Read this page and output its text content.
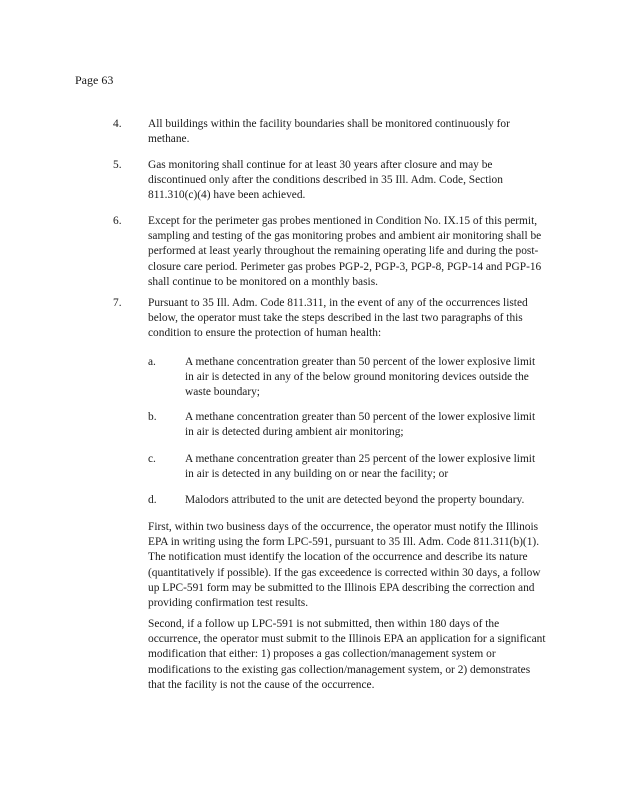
Page 63
4. All buildings within the facility boundaries shall be monitored continuously for methane.
5. Gas monitoring shall continue for at least 30 years after closure and may be discontinued only after the conditions described in 35 Ill. Adm. Code, Section 811.310(c)(4) have been achieved.
6. Except for the perimeter gas probes mentioned in Condition No. IX.15 of this permit, sampling and testing of the gas monitoring probes and ambient air monitoring shall be performed at least yearly throughout the remaining operating life and during the post-closure care period. Perimeter gas probes PGP-2, PGP-3, PGP-8, PGP-14 and PGP-16 shall continue to be monitored on a monthly basis.
7. Pursuant to 35 Ill. Adm. Code 811.311, in the event of any of the occurrences listed below, the operator must take the steps described in the last two paragraphs of this condition to ensure the protection of human health:
a.	A methane concentration greater than 50 percent of the lower explosive limit in air is detected in any of the below ground monitoring devices outside the waste boundary;
b. A methane concentration greater than 50 percent of the lower explosive limit in air is detected during ambient air monitoring;
c.	A methane concentration greater than 25 percent of the lower explosive limit in air is detected in any building on or near the facility; or
d. Malodors attributed to the unit are detected beyond the property boundary.
First, within two business days of the occurrence, the operator must notify the Illinois EPA in writing using the form LPC-591, pursuant to 35 Ill. Adm. Code 811.311(b)(1). The notification must identify the location of the occurrence and describe its nature (quantitatively if possible). If the gas exceedence is corrected within 30 days, a follow up LPC-591 form may be submitted to the Illinois EPA describing the correction and providing confirmation test results.
Second, if a follow up LPC-591 is not submitted, then within 180 days of the occurrence, the operator must submit to the Illinois EPA an application for a significant modification that either: 1) proposes a gas collection/management system or modifications to the existing gas collection/management system, or 2) demonstrates that the facility is not the cause of the occurrence.
